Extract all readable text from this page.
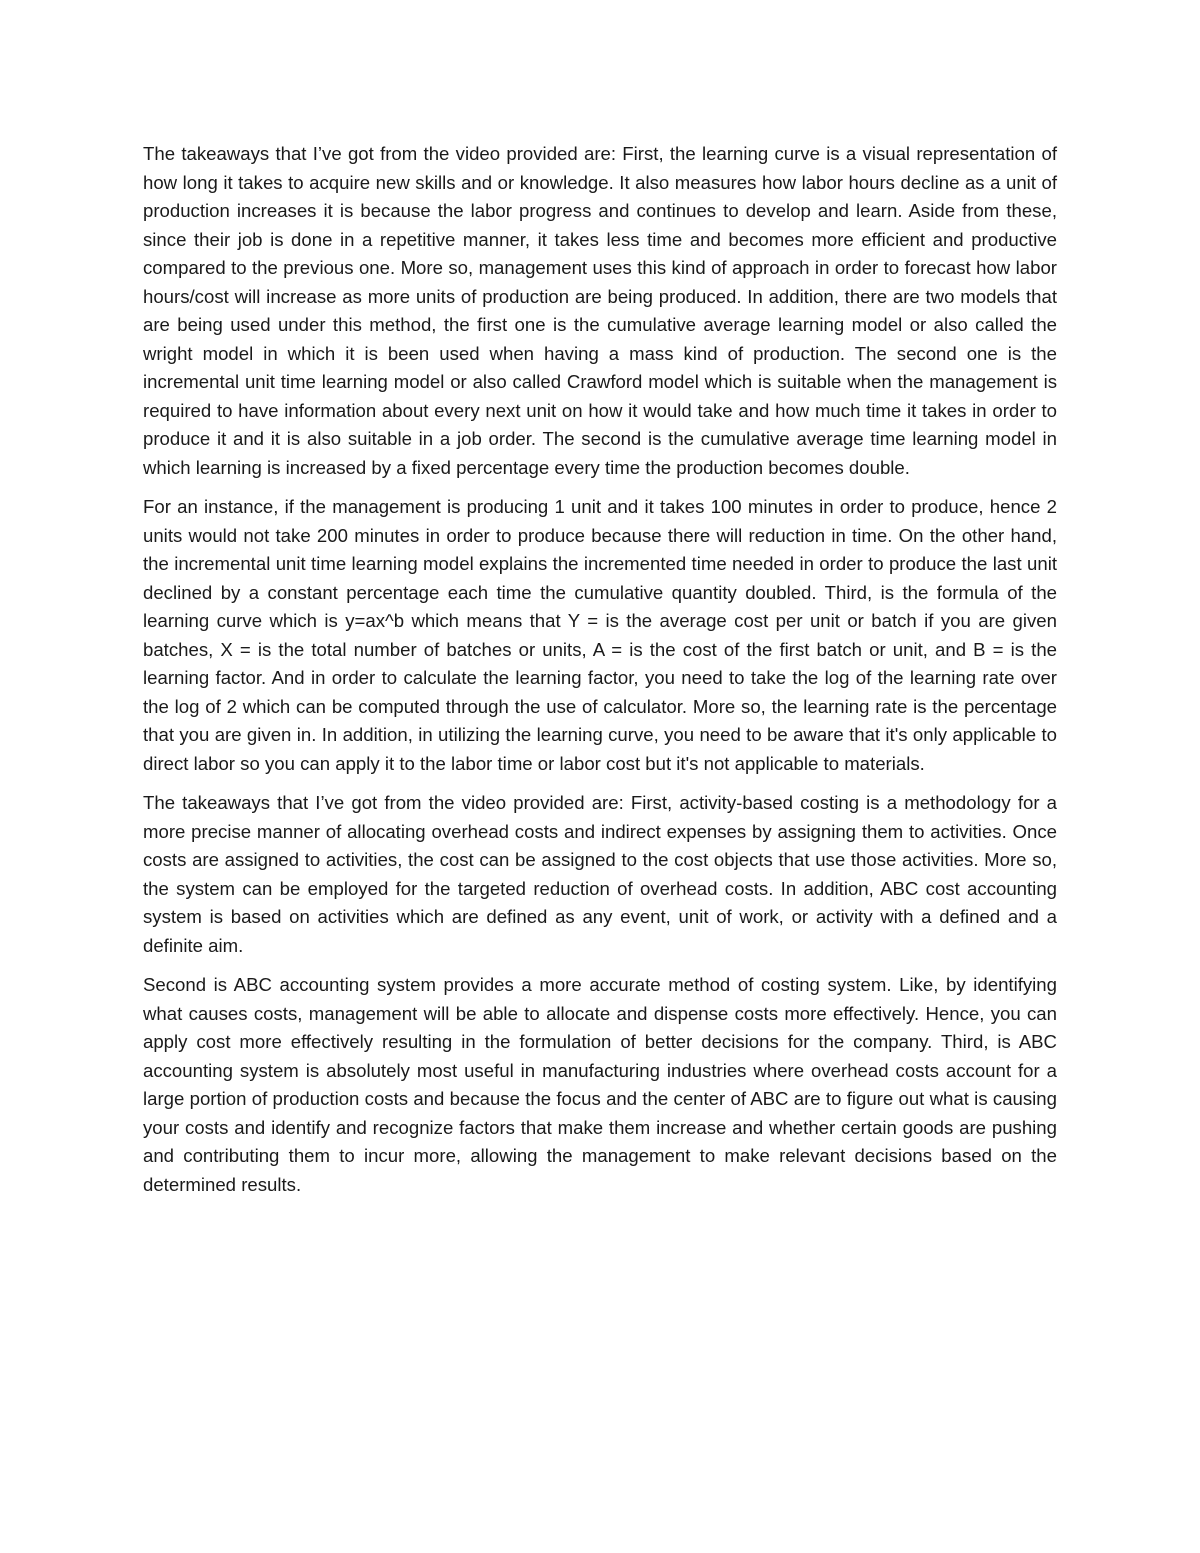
The takeaways that I’ve got from the video provided are: First, the learning curve is a visual representation of how long it takes to acquire new skills and or knowledge. It also measures how labor hours decline as a unit of production increases it is because the labor progress and continues to develop and learn. Aside from these, since their job is done in a repetitive manner, it takes less time and becomes more efficient and productive compared to the previous one. More so, management uses this kind of approach in order to forecast how labor hours/cost will increase as more units of production are being produced. In addition, there are two models that are being used under this method, the first one is the cumulative average learning model or also called the wright model in which it is been used when having a mass kind of production. The second one is the incremental unit time learning model or also called Crawford model which is suitable when the management is required to have information about every next unit on how it would take and how much time it takes in order to produce it and it is also suitable in a job order. The second is the cumulative average time learning model in which learning is increased by a fixed percentage every time the production becomes double.

For an instance, if the management is producing 1 unit and it takes 100 minutes in order to produce, hence 2 units would not take 200 minutes in order to produce because there will reduction in time. On the other hand, the incremental unit time learning model explains the incremented time needed in order to produce the last unit declined by a constant percentage each time the cumulative quantity doubled. Third, is the formula of the learning curve which is y=ax^b which means that Y = is the average cost per unit or batch if you are given batches, X = is the total number of batches or units, A = is the cost of the first batch or unit, and B = is the learning factor. And in order to calculate the learning factor, you need to take the log of the learning rate over the log of 2 which can be computed through the use of calculator. More so, the learning rate is the percentage that you are given in. In addition, in utilizing the learning curve, you need to be aware that it's only applicable to direct labor so you can apply it to the labor time or labor cost but it's not applicable to materials.

The takeaways that I’ve got from the video provided are: First, activity-based costing is a methodology for a more precise manner of allocating overhead costs and indirect expenses by assigning them to activities. Once costs are assigned to activities, the cost can be assigned to the cost objects that use those activities. More so, the system can be employed for the targeted reduction of overhead costs. In addition, ABC cost accounting system is based on activities which are defined as any event, unit of work, or activity with a defined and a definite aim.

Second is ABC accounting system provides a more accurate method of costing system. Like, by identifying what causes costs, management will be able to allocate and dispense costs more effectively. Hence, you can apply cost more effectively resulting in the formulation of better decisions for the company. Third, is ABC accounting system is absolutely most useful in manufacturing industries where overhead costs account for a large portion of production costs and because the focus and the center of ABC are to figure out what is causing your costs and identify and recognize factors that make them increase and whether certain goods are pushing and contributing them to incur more, allowing the management to make relevant decisions based on the determined results.
